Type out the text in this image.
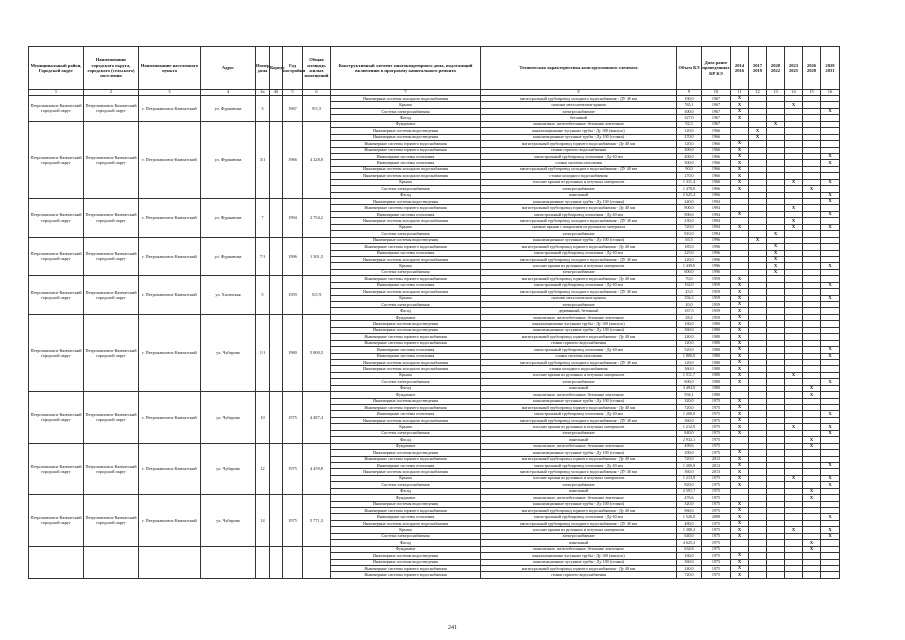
Муниципальный район, Городской округ	Наименование городского округа, городского (сельского) поселения	Наименование населенного пункта	Адрес	Номер дома	Корпус	Год постройки	Общая площадь жилых помещений	Конструктивный элемент многоквартирного дома, подлежащий включению в программу капитального ремонта	Техническая характеристика конструктивного элемента	Объем КЭ	Дата ранее проведенных КР КЭ	2014 2016	2017 2019	2020 2022	2023 2025	2026 2028	2029 2031
1	2	3	4	4а	4б	5	6	7	8	9	10	11	12	13	14	15	16
Петропавловск-Камчатский городской округ	Петропавловск-Камчатский городской округ	г. Петропавловск-Камчатский	ул. Фурманова	3		1967	911,5	Инженерные системы холодного водоснабжения	магистральный трубопровод холодного водоснабжения - ДУ 40 мм	190,0	1967	X					
								Крыша	скатные металлические крыши	765,1	1967	X			X		
								Система электроснабжения	электроснабжение	300,0	1967	X					X
								Фасад	бетонный	327,0	1967	X					
Петропавловск-Камчатский городской округ	Петропавловск-Камчатский городской округ	г. Петропавловск-Камчатский	ул. Фурманова	3/1		1966	4 228,8	Фундамент	монолитные, железобетонные, бетонные ленточные	92,3	1967			X			
								Инженерные системы водоотведения	канализационные чугунные трубы - Ду 100 (выпуск)	120,0	1966		X				
								Инженерные системы водоотведения	канализационные чугунные трубы - Ду 100 (стояки)	270,0	1966		X				
								Инженерные системы горячего водоснабжения	магистральный трубопровод горячего водоснабжения - Ду 40 мм	120,0	1966	X					
								Инженерные системы горячего водоснабжения	стояки горячего водоснабжения	300,0	1966	X					
								Инженерные системы отопления	магистральный трубопровод отопления - Ду 40 мм	400,0	1966	X					X
								Инженерные системы отопления	стояки системы отопления	300,0	1966	X					X
								Инженерные системы холодного водоснабжения	магистральный трубопровод холодного водоснабжения - ДУ 40 мм	90,0	1966	X					
								Инженерные системы холодного водоснабжения	стояки холодного водоснабжения	270,0	1966	X					
								Крыша	плоские крыши из рулонных и штучных материалов	1 311,4	1966	X			X		X
								Система электроснабжения	электроснабжение	1 470,0	1966	X				X	
								Фасад	панельный	2 625,4	1966						X
Петропавловск-Камчатский городской округ	Петропавловск-Камчатский городской округ	г. Петропавловск-Камчатский	ул. Фурманова	7		1994	2 754,2	Инженерные системы водоотведения	канализационные чугунные трубы - Ду 100 (стояки)	240,0	1994						X
								Инженерные системы горячего водоснабжения	магистральный трубопровод горячего водоснабжения - Ду 40 мм	800,0	1994				X		
								Инженерные системы отопления	магистральный трубопровод отопления - Ду 40 мм	900,0	1994	X					X
								Инженерные системы холодного водоснабжения	магистральный трубопровод холодного водоснабжения - ДУ 40 мм	230,0	1994				X		
								Крыша	скатные крыши с покрытием из рулонного материала	720,0	1994	X			X		X
								Система электроснабжения	электроснабжение	810,0	1994			X			
Петропавловск-Камчатский городской округ	Петропавловск-Камчатский городской округ	г. Петропавловск-Камчатский	ул. Фурманова	7/1		1996	1 301,5	Инженерные системы водоотведения	канализационные чугунные трубы - Ду 100 (стояки)	65,5	1996		X				
								Инженерные системы горячего водоснабжения	магистральный трубопровод горячего водоснабжения - Ду 40 мм	185,0	1996			X			
								Инженерные системы отопления	магистральный трубопровод отопления - Ду 40 мм	225,0	1996			X			
								Инженерные системы холодного водоснабжения	магистральный трубопровод холодного водоснабжения - ДУ 40 мм	120,0	1996			X			
								Крыша	плоские крыши из рулонных и штучных материалов	1 439,0	1996			X			X
								Система электроснабжения	электроснабжение	600,0	1996			X			
Петропавловск-Камчатский городской округ	Петропавловск-Камчатский городской округ	г. Петропавловск-Камчатский	ул. Хасанская	5		1959	511,9	Инженерные системы горячего водоснабжения	магистральный трубопровод горячего водоснабжения - Ду 40 мм	70,0	1959	X					
								Инженерные системы отопления	магистральный трубопровод отопления - Ду 40 мм	162,0	1959	X					X
								Инженерные системы холодного водоснабжения	магистральный трубопровод холодного водоснабжения - ДУ 40 мм	45,0	1959	X					
								Крыша	скатные металлические крыши	356,3	1959	X					X
								Система электроснабжения	электроснабжение	20,0	1959	X					
								Фасад	деревянный, бетонный	167,5	1959	X					
Петропавловск-Камчатский городской округ	Петропавловск-Камчатский городской округ	г. Петропавловск-Камчатский	ул. Чубарова	1/1		1980	5 800,5	Фундамент	монолитные, железобетонные, бетонные ленточные	28,2	1959	X					
								Инженерные системы водоотведения	канализационные чугунные трубы - Ду 100 (выпуск)	160,0	1980	X					
								Инженерные системы водоотведения	канализационные чугунные трубы - Ду 100 (стояки)	360,0	1980	X					
								Инженерные системы горячего водоснабжения	магистральный трубопровод горячего водоснабжения - Ду 40 мм	240,0	1980	X					
								Инженерные системы горячего водоснабжения	стояки горячего водоснабжения	120,0	1980	X					
								Инженерные системы отопления	магистральный трубопровод отопления - Ду 40 мм	520,0	1980	X					X
								Инженерные системы отопления	стояки системы отопления	1 800,0	1980	X					X
								Инженерные системы холодного водоснабжения	магистральный трубопровод холодного водоснабжения - ДУ 40 мм	120,0	1980	X					
								Инженерные системы холодного водоснабжения	стояки холодного водоснабжения	360,0	1980	X					
								Крыша	плоские крыши из рулонных и штучных материалов	1 511,7	1980	X			X		
								Система электроснабжения	электроснабжение	600,0	1980	X					X
								Фасад	панельный	3 494,0	1980					X	
Петропавловск-Камчатский городской округ	Петропавловск-Камчатский городской округ	г. Петропавловск-Камчатский	ул. Чубарова	10		1975	4 487,4	Фундамент	монолитные, железобетонные, бетонные ленточные	594,1	1980					X	
								Инженерные системы водоотведения	канализационные чугунные трубы - Ду 100 (стояки)	320,0	1975	X					
								Инженерные системы горячего водоснабжения	магистральный трубопровод горячего водоснабжения - Ду 40 мм	720,0	1975	X					
								Инженерные системы отопления	магистральный трубопровод отопления - Ду 40 мм	1 200,0	1975	X					X
								Инженерные системы холодного водоснабжения	магистральный трубопровод холодного водоснабжения - ДУ 40 мм	360,0	1975	X					
								Крыша	плоские крыши из рулонных и штучных материалов	1 212,9	1975	X			X		X
								Система электроснабжения	электроснабжение	840,0	1975	X					X
								Фасад	панельный	2 932,1	1975					X	
Петропавловск-Камчатский городской округ	Петропавловск-Камчатский городской округ	г. Петропавловск-Камчатский	ул. Чубарова	12		1975	4 459,8	Фундамент	монолитные, железобетонные, бетонные ленточные	499,6	1975					X	
								Инженерные системы водоотведения	канализационные чугунные трубы - Ду 100 (стояки)	290,0	1975	X					
								Инженерные системы горячего водоснабжения	магистральный трубопровод горячего водоснабжения - Ду 40 мм	720,0	2013	X					
								Инженерные системы отопления	магистральный трубопровод отопления - Ду 40 мм	1 200,0	2013	X					X
								Инженерные системы холодного водоснабжения	магистральный трубопровод холодного водоснабжения - ДУ 40 мм	360,0	2013	X					
								Крыша	плоские крыши из рулонных и штучных материалов	1 213,9	1975	X			X		X
								Система электроснабжения	электроснабжение	820,0	1975	X					X
								Фасад	панельный	2 591,7	1975					X	
Петропавловск-Камчатский городской округ	Петропавловск-Камчатский городской округ	г. Петропавловск-Камчатский	ул. Чубарова	14		1975	5 771,3	Фундамент	монолитные, железобетонные, бетонные ленточные	476,6	1975					X	
								Инженерные системы водоотведения	канализационные чугунные трубы - Ду 100 (стояки)	320,0	1975	X					
								Инженерные системы горячего водоснабжения	магистральный трубопровод горячего водоснабжения - Ду 40 мм	960,0	1975	X					
								Инженерные системы отопления	магистральный трубопровод отопления - Ду 40 мм	1 520,0	2008	X					X
								Инженерные системы холодного водоснабжения	магистральный трубопровод холодного водоснабжения - ДУ 40 мм	480,0	1975	X					
								Крыша	плоские крыши из рулонных и штучных материалов	1 380,2	1975	X			X		X
								Система электроснабжения	электроснабжение	640,0	1975	X					X
								Фасад	панельный	4 625,2	1975					X	
								Фундамент	монолитные, железобетонные, бетонные ленточные	634,8	1975					X	
								Инженерные системы водоотведения	канализационные чугунные трубы - Ду 100 (выпуск)	160,0	1975	X					
								Инженерные системы водоотведения	канализационные чугунные трубы - Ду 100 (стояки)	360,0	1975	X					
								Инженерные системы горячего водоснабжения	магистральный трубопровод горячего водоснабжения - Ду 40 мм	240,0	1975	X					
								Инженерные системы горячего водоснабжения	стояки горячего водоснабжения	720,0	1975	X					
241
